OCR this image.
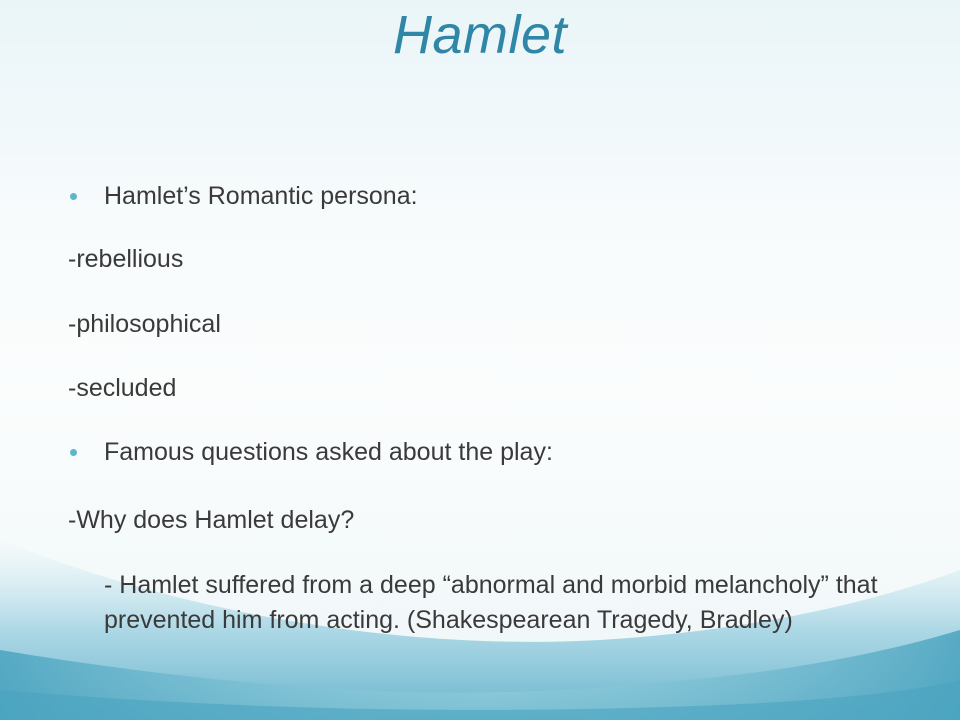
Hamlet
Hamlet’s Romantic persona:
-rebellious
-philosophical
-secluded
Famous questions asked about the play:
-Why does Hamlet delay?
- Hamlet suffered from a deep “abnormal and morbid melancholy” that prevented him from acting. (Shakespearean Tragedy, Bradley)
